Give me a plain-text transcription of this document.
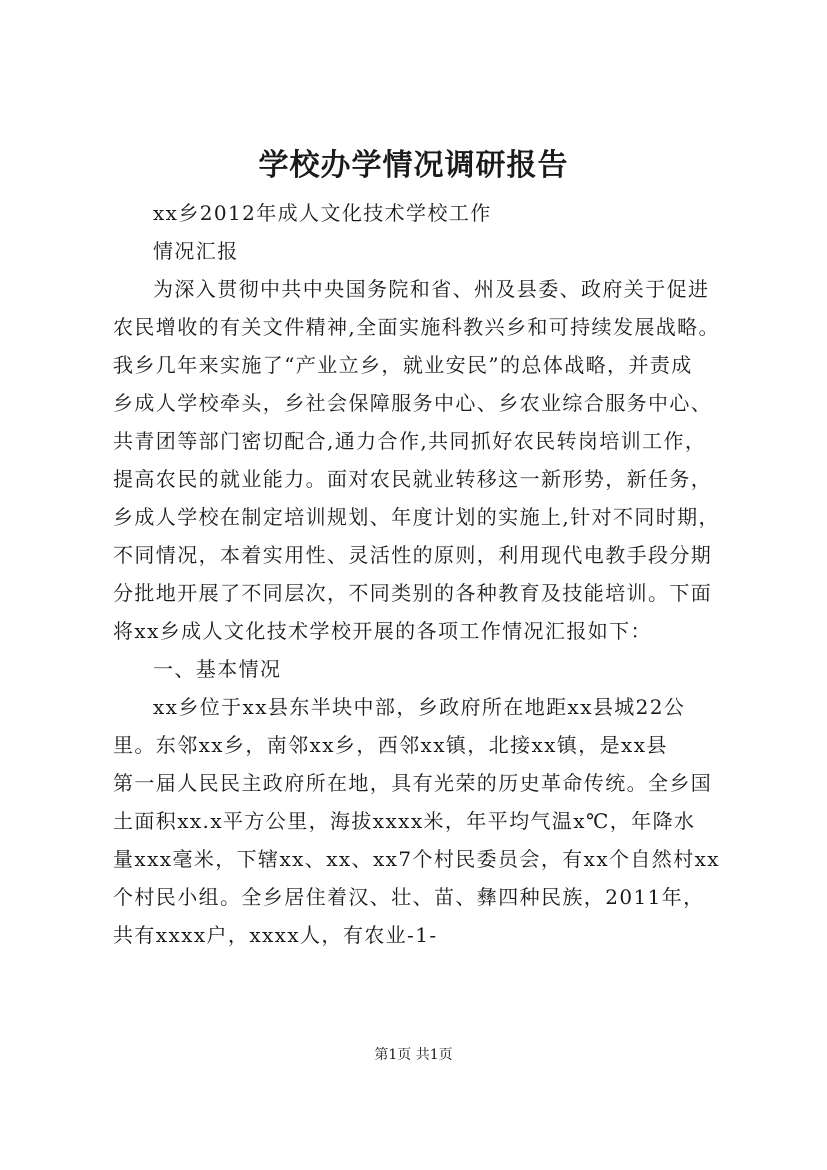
学校办学情况调研报告
xx乡2012年成人文化技术学校工作
情况汇报
为深入贯彻中共中央国务院和省、州及县委、政府关于促进
农民增收的有关文件精神,全面实施科教兴乡和可持续发展战略。
我乡几年来实施了“产业立乡，就业安民”的总体战略，并责成
乡成人学校牵头，乡社会保障服务中心、乡农业综合服务中心、
共青团等部门密切配合,通力合作,共同抓好农民转岗培训工作，
提高农民的就业能力。面对农民就业转移这一新形势，新任务，
乡成人学校在制定培训规划、年度计划的实施上,针对不同时期，
不同情况，本着实用性、灵活性的原则，利用现代电教手段分期
分批地开展了不同层次，不同类别的各种教育及技能培训。下面
将xx乡成人文化技术学校开展的各项工作情况汇报如下：
一、基本情况
xx乡位于xx县东半块中部，乡政府所在地距xx县城22公
里。东邻xx乡，南邻xx乡，西邻xx镇，北接xx镇，是xx县
第一届人民民主政府所在地，具有光荣的历史革命传统。全乡国
土面积xx.x平方公里，海拔xxxx米，年平均气温x℃，年降水
量xxx毫米，下辖xx、xx、xx7个村民委员会，有xx个自然村xx
个村民小组。全乡居住着汉、壮、苗、彝四种民族，2011年，
共有xxxx户，xxxx人，有农业-1-
第1页 共1页
